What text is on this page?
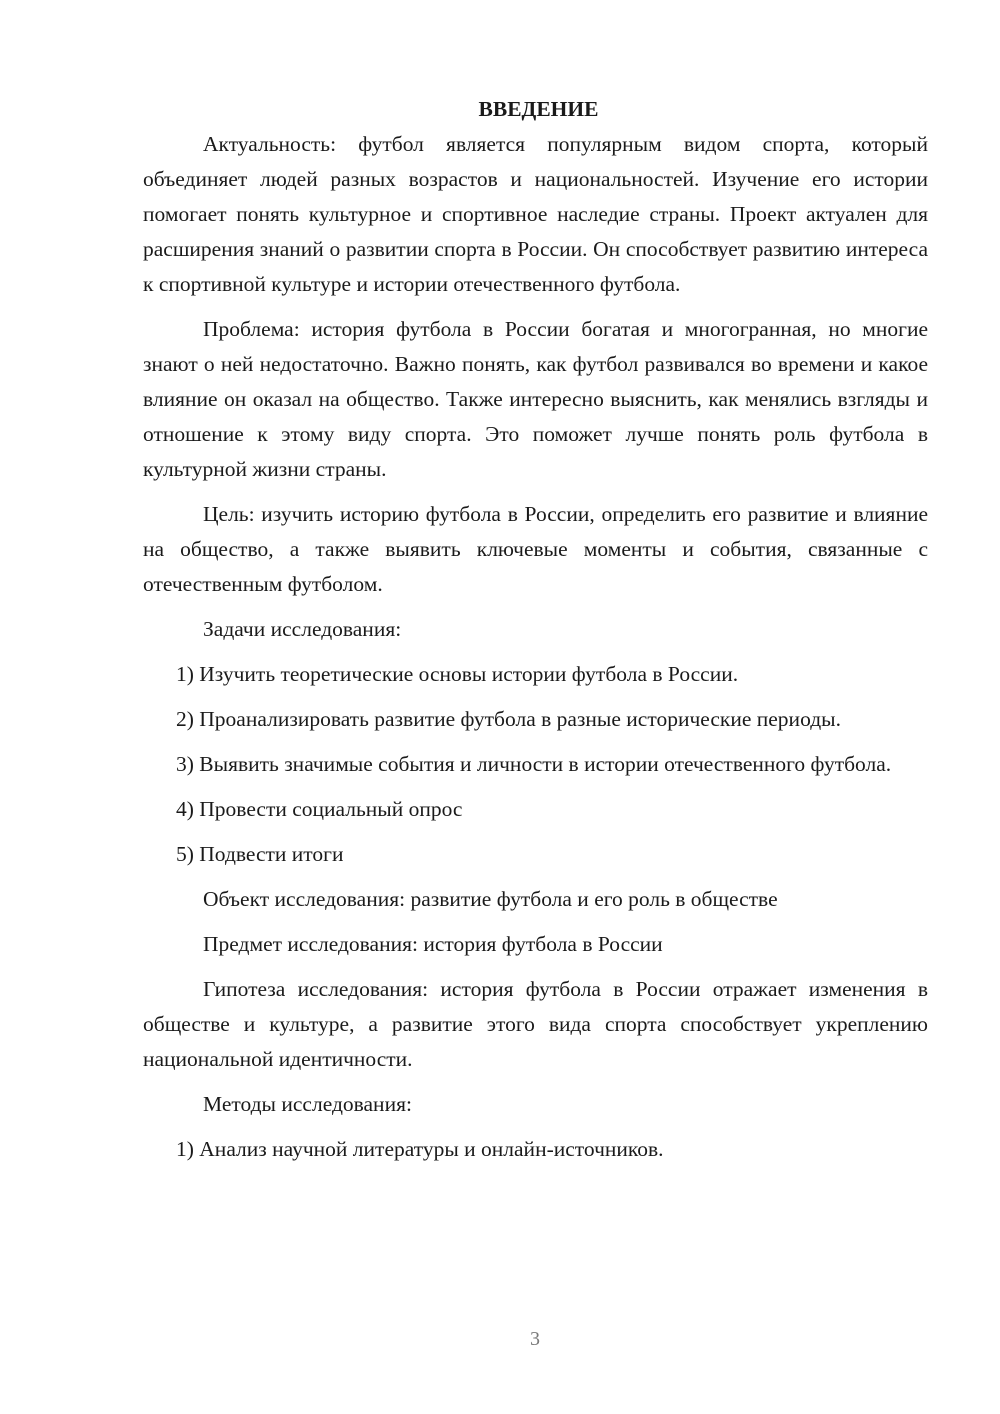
ВВЕДЕНИЕ

Актуальность: футбол является популярным видом спорта, который объединяет людей разных возрастов и национальностей. Изучение его истории помогает понять культурное и спортивное наследие страны. Проект актуален для расширения знаний о развитии спорта в России. Он способствует развитию интереса к спортивной культуре и истории отечественного футбола.

Проблема: история футбола в России богатая и многогранная, но многие знают о ней недостаточно. Важно понять, как футбол развивался во времени и какое влияние он оказал на общество. Также интересно выяснить, как менялись взгляды и отношение к этому виду спорта. Это поможет лучше понять роль футбола в культурной жизни страны.

Цель: изучить историю футбола в России, определить его развитие и влияние на общество, а также выявить ключевые моменты и события, связанные с отечественным футболом.

Задачи исследования:

1) Изучить теоретические основы истории футбола в России.

2) Проанализировать развитие футбола в разные исторические периоды.

3) Выявить значимые события и личности в истории отечественного футбола.

4) Провести социальный опрос

5) Подвести итоги

Объект исследования: развитие футбола и его роль в обществе

Предмет исследования: история футбола в России

Гипотеза исследования: история футбола в России отражает изменения в обществе и культуре, а развитие этого вида спорта способствует укреплению национальной идентичности.

Методы исследования:

1) Анализ научной литературы и онлайн-источников.

3
